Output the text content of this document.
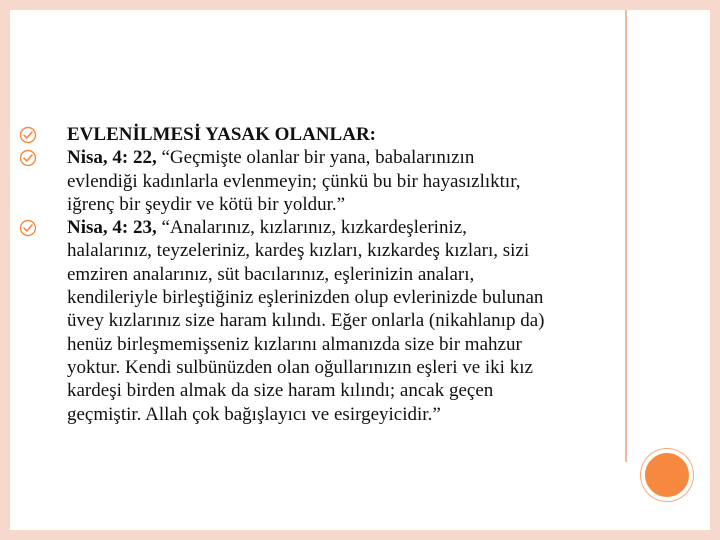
EVLENİLMESİ YASAK OLANLAR:
Nisa, 4: 22, “Geçmişte olanlar bir yana, babalarınızın
evlendiği kadınlarla evlenmeyin; çünkü bu bir hayasızlıktır,
iğrenç bir şeydir ve kötü bir yoldur.”
Nisa, 4: 23, “Analarınız, kızlarınız, kızkardeşleriniz,
halalarınız, teyzeleriniz, kardeş kızları, kızkardeş kızları, sizi
emziren analarınız, süt bacılarınız, eşlerinizin anaları,
kendileriyle birleştiğiniz eşlerinizden olup evlerinizde bulunan
üvey kızlarınız size haram kılındı. Eğer onlarla (nikahlanıp da)
henüz birleşmemişseniz kızlarını almanızda size bir mahzur
yoktur. Kendi sulbünüzden olan oğullarınızın eşleri ve iki kız
kardeşi birden almak da size haram kılındı; ancak geçen
geçmiştir. Allah çok bağışlayıcı ve esirgeyicidir.”
